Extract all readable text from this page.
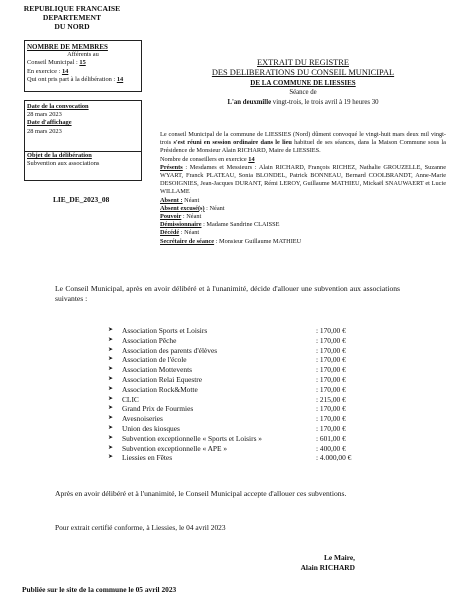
REPUBLIQUE FRANCAISE
DEPARTEMENT
DU NORD
NOMBRE DE MEMBRES
Afférents au
Conseil Municipal : 15
En exercice : 14
Qui ont pris part à la délibération : 14
Date de la convocation
28 mars 2023
Date d'affichage
28 mars 2023
Objet de la délibération
Subvention aux associations
LIE_DE_2023_08
EXTRAIT DU REGISTRE
DES DELIBERATIONS DU CONSEIL MUNICIPAL
DE LA COMMUNE DE LIESSIES
Séance de
L'an deuxmille vingt-trois, le trois avril à 19 heures 30

Le conseil Municipal de la commune de LIESSIES (Nord) dûment convoqué le vingt-huit mars deux mil vingt-trois s'est réuni en session ordinaire dans le lieu habituel de ses séances, dans la Maison Commune sous la Présidence de Monsieur Alain RICHARD, Maire de LIESSIES.

Nombre de conseillers en exercice 14

Présents : Mesdames et Messieurs : Alain RICHARD, François RICHEZ, Nathalie GROUZELLE, Suzanne WYART, Franck PLATEAU, Sonia BLONDEL, Patrick BONNEAU, Bernard COOLBRANDT, Anne-Marie DESOIGNIES, Jean-Jacques DURANT, Rémi LEROY, Guillaume MATHIEU, Mickaël SNAUWAERT et Lucie WILLAME

Absent : Néant

Absent excusé(s) : Néant

Pouvoir : Néant

Démissionnaire : Madame Sandrine CLAISSE

Décédé : Néant

Secrétaire de séance : Monsieur Guillaume MATHIEU

Le Conseil Municipal, après en avoir délibéré et à l'unanimité, décide d'allouer une subvention aux associations suivantes :
➤	Association Sports et Loisirs	: 170,00 €
➤	Association Pêche	: 170,00 €
➤	Association des parents d'élèves	: 170,00 €
➤	Association de l'école	: 170,00 €
➤	Association Mottevents	: 170,00 €
➤	Association Relai Equestre	: 170,00 €
➤	Association Rock&Motte	: 170,00 €
➤	CLIC	: 215,00 €
➤	Grand Prix de Fourmies	: 170,00 €
➤	Avesnoiseries	: 170,00 €
➤	Union des kiosques	: 170,00 €
➤	Subvention exceptionnelle « Sports et Loisirs »	: 601,00 €
➤	Subvention exceptionnelle « APE »	: 400,00 €
➤	Liessies en Fêtes	: 4.000,00 €
Après en avoir délibéré et à l'unanimité, le Conseil Municipal accepte d'allouer ces subventions.
Pour extrait certifié conforme, à Liessies, le 04 avril 2023
Le Maire,
Alain RICHARD
Publiée sur le site de la commune le 05 avril 2023
